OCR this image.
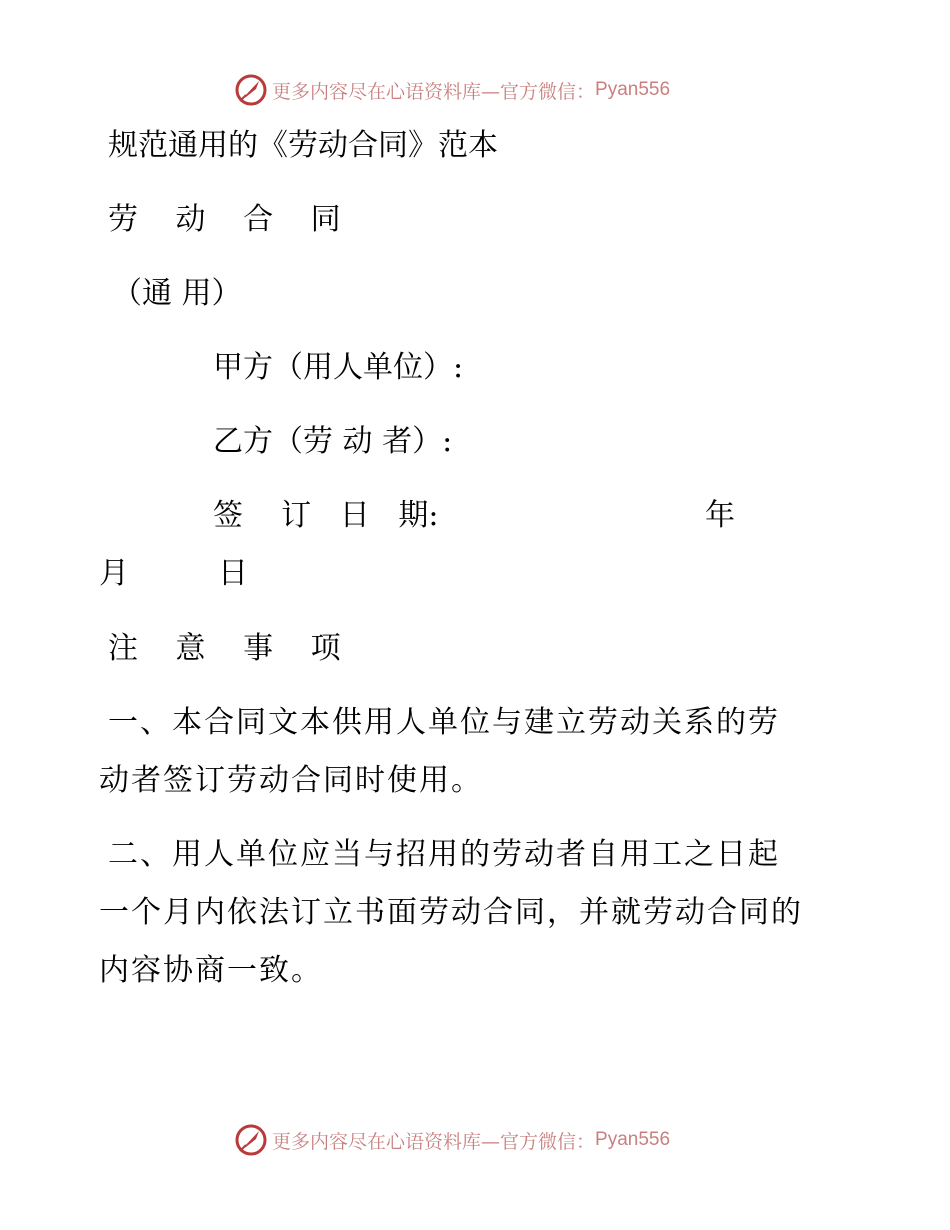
更多内容尽在心语资料库—官方微信： Pyan556
规范通用的《劳动合同》范本
劳 动 合 同
（通 用）
甲方（用人单位）:
乙方（劳 动 者）:
签    订   日   期:	年
月	日
注 意 事 项
一、本合同文本供用人单位与建立劳动关系的劳
动者签订劳动合同时使用。
二、用人单位应当与招用的劳动者自用工之日起
一个月内依法订立书面劳动合同，并就劳动合同的
内容协商一致。
更多内容尽在心语资料库—官方微信： Pyan556
